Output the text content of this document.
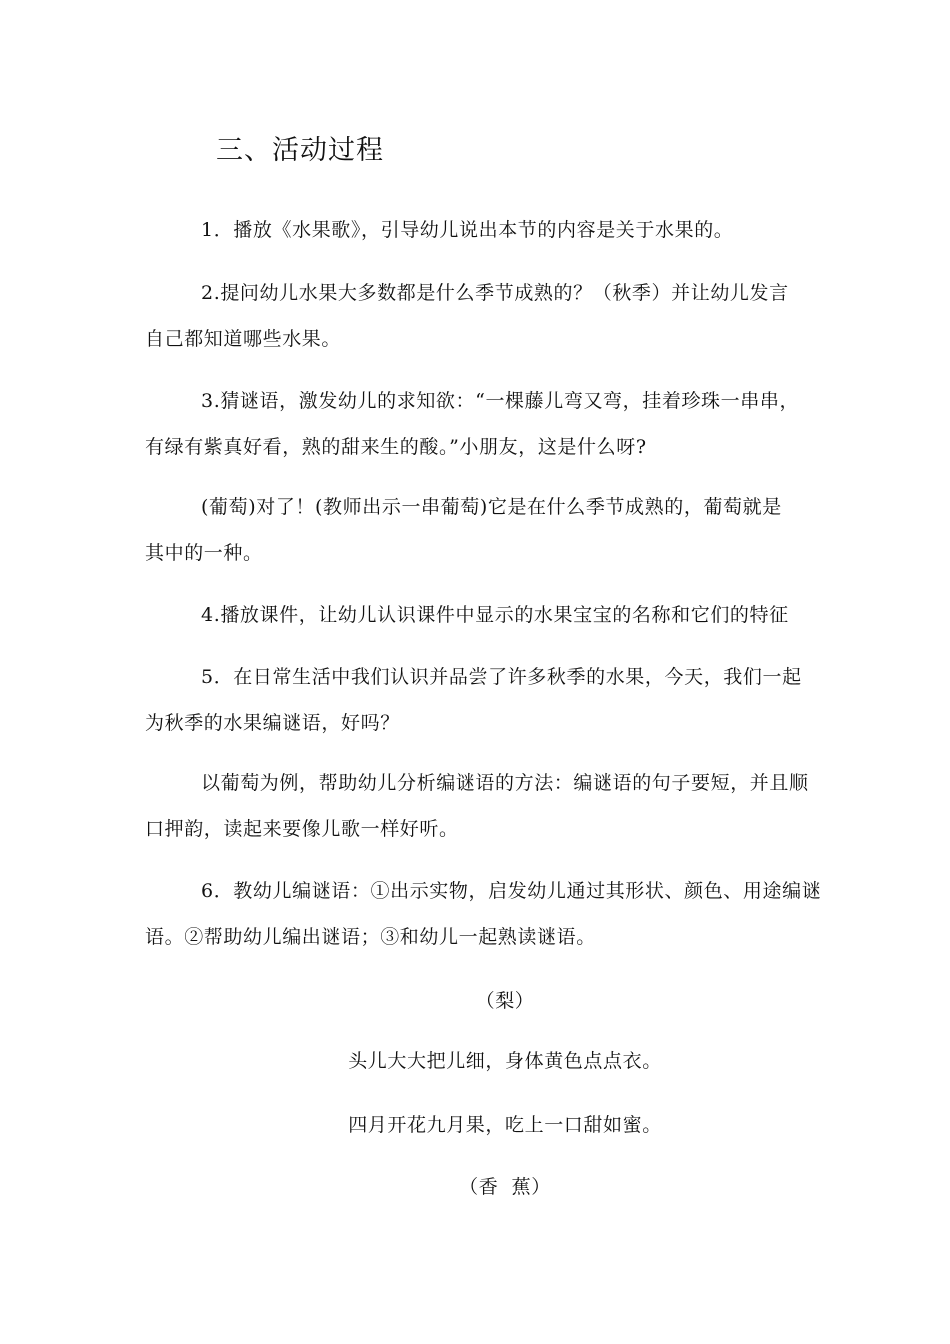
三、活动过程
1．播放《水果歌》，引导幼儿说出本节的内容是关于水果的。
2.提问幼儿水果大多数都是什么季节成熟的？（秋季）并让幼儿发言
自己都知道哪些水果。
3.猜谜语，激发幼儿的求知欲：“一棵藤儿弯又弯，挂着珍珠一串串，
有绿有紫真好看，熟的甜来生的酸。”小朋友，这是什么呀?
(葡萄)对了！(教师出示一串葡萄)它是在什么季节成熟的，葡萄就是
其中的一种。
4.播放课件，让幼儿认识课件中显示的水果宝宝的名称和它们的特征
5．在日常生活中我们认识并品尝了许多秋季的水果，今天，我们一起
为秋季的水果编谜语，好吗？
以葡萄为例，帮助幼儿分析编谜语的方法：编谜语的句子要短，并且顺
口押韵，读起来要像儿歌一样好听。
6．教幼儿编谜语：①出示实物，启发幼儿通过其形状、颜色、用途编谜
语。②帮助幼儿编出谜语；③和幼儿一起熟读谜语。
（梨）
头儿大大把儿细，身体黄色点点衣。
四月开花九月果，吃上一口甜如蜜。
（香  蕉）
